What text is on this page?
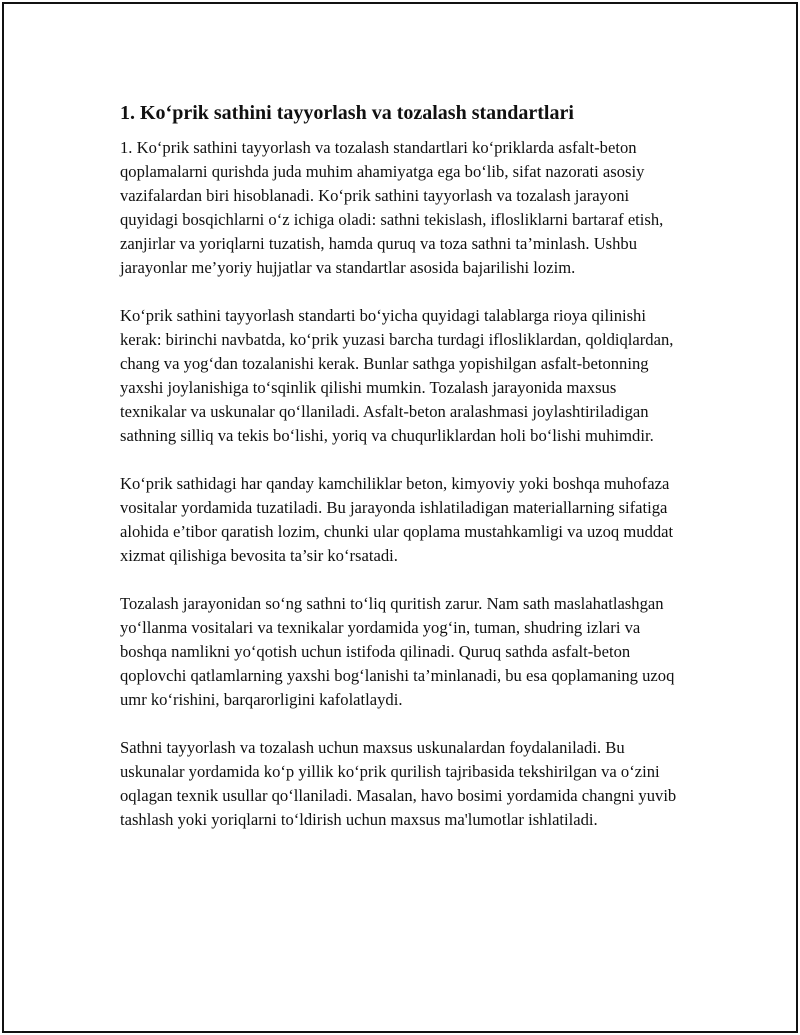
1. Ko‘prik sathini tayyorlash va tozalash standartlari

1. Ko‘prik sathini tayyorlash va tozalash standartlari ko‘priklarda asfalt-beton qoplamalarni qurishda juda muhim ahamiyatga ega bo‘lib, sifat nazorati asosiy vazifalardan biri hisoblanadi. Ko‘prik sathini tayyorlash va tozalash jarayoni quyidagi bosqichlarni o‘z ichiga oladi: sathni tekislash, iflosliklarni bartaraf etish, zanjirlar va yoriqlarni tuzatish, hamda quruq va toza sathni ta’minlash. Ushbu jarayonlar me’yoriy hujjatlar va standartlar asosida bajarilishi lozim.

Ko‘prik sathini tayyorlash standarti bo‘yicha quyidagi talablarga rioya qilinishi kerak: birinchi navbatda, ko‘prik yuzasi barcha turdagi iflosliklardan, qoldiqlardan, chang va yog‘dan tozalanishi kerak. Bunlar sathga yopishilgan asfalt-betonning yaxshi joylanishiga to‘sqinlik qilishi mumkin. Tozalash jarayonida maxsus texnikalar va uskunalar qo‘llaniladi. Asfalt-beton aralashmasi joylashtiriladigan sathning silliq va tekis bo‘lishi, yoriq va chuqurliklardan holi bo‘lishi muhimdir.

Ko‘prik sathidagi har qanday kamchiliklar beton, kimyoviy yoki boshqa muhofaza vositalar yordamida tuzatiladi. Bu jarayonda ishlatiladigan materiallarning sifatiga alohida e’tibor qaratish lozim, chunki ular qoplama mustahkamligi va uzoq muddat xizmat qilishiga bevosita ta’sir ko‘rsatadi.

Tozalash jarayonidan so‘ng sathni to‘liq quritish zarur. Nam sath maslahatlashgan yo‘llanma vositalari va texnikalar yordamida yog‘in, tuman, shudring izlari va boshqa namlikni yo‘qotish uchun istifoda qilinadi. Quruq sathda asfalt-beton qoplovchi qatlamlarning yaxshi bog‘lanishi ta’minlanadi, bu esa qoplamaning uzoq umr ko‘rishini, barqarorligini kafolatlaydi.

Sathni tayyorlash va tozalash uchun maxsus uskunalardan foydalaniladi. Bu uskunalar yordamida ko‘p yillik ko‘prik qurilish tajribasida tekshirilgan va o‘zini oqlagan texnik usullar qo‘llaniladi. Masalan, havo bosimi yordamida changni yuvib tashlash yoki yoriqlarni to‘ldirish uchun maxsus ma'lumotlar ishlatiladi.
